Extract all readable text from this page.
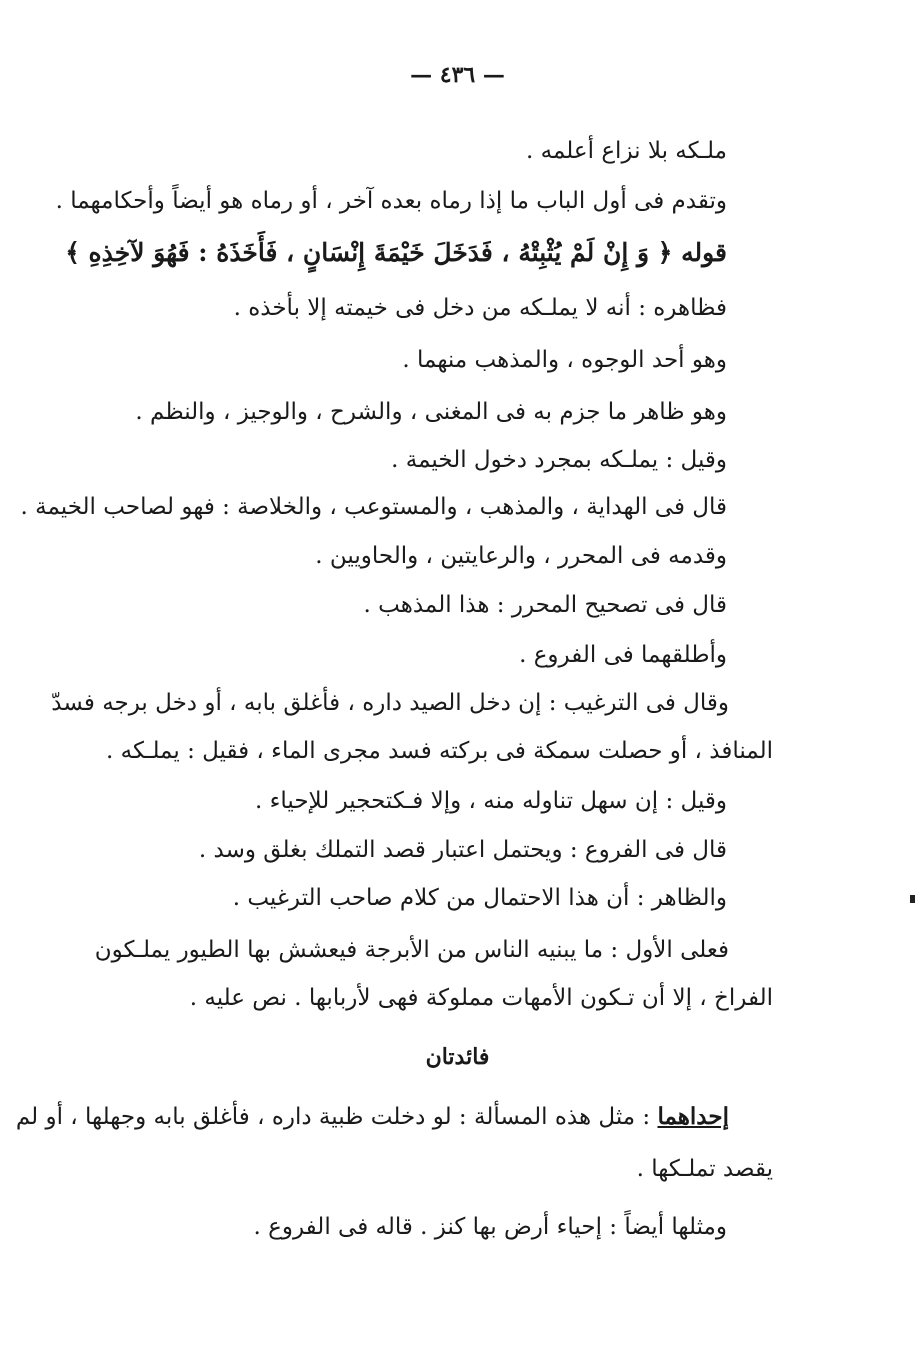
— ٤٣٦ —
ملـكه بلا نزاع أعلمه .
وتقدم فى أول الباب ما إذا رماه بعده آخر ، أو رماه هو أيضاً وأحكامهما .
قوله ﴿ وَ إِنْ لَمْ يُثْبِتْهُ ، فَدَخَلَ خَيْمَةَ إِنْسَانٍ ، فَأَخَذَهُ : فَهُوَ لآخِذِهِ ﴾
فظاهره : أنه لا يملـكه من دخل فى خيمته إلا بأخذه .
وهو أحد الوجوه ، والمذهب منهما .
وهو ظاهر ما جزم به فى المغنى ، والشرح ، والوجيز ، والنظم .
وقيل : يملـكه بمجرد دخول الخيمة .
قال فى الهداية ، والمذهب ، والمستوعب ، والخلاصة : فهو لصاحب الخيمة .
وقدمه فى المحرر ، والرعايتين ، والحاويين .
قال فى تصحيح المحرر : هذا المذهب .
وأطلقهما فى الفروع .
وقال فى الترغيب : إن دخل الصيد داره ، فأغلق بابه ، أو دخل برجه فسدّ
المنافذ ، أو حصلت سمكة فى بركته فسد مجرى الماء ، فقيل : يملـكه .
وقيل : إن سهل تناوله منه ، وإلا فـكتحجير للإحياء .
قال فى الفروع : ويحتمل اعتبار قصد التملك بغلق وسد .
والظاهر : أن هذا الاحتمال من كلام صاحب الترغيب .
فعلى الأول : ما يبنيه الناس من الأبرجة فيعشش بها الطيور يملـكون
الفراخ ، إلا أن تـكون الأمهات مملوكة فهى لأربابها . نص عليه .
فائدتان
إحداهما : مثل هذه المسألة : لو دخلت ظبية داره ، فأغلق بابه وجهلها ، أو لم
يقصد تملـكها .
ومثلها أيضاً : إحياء أرض بها كنز . قاله فى الفروع .
